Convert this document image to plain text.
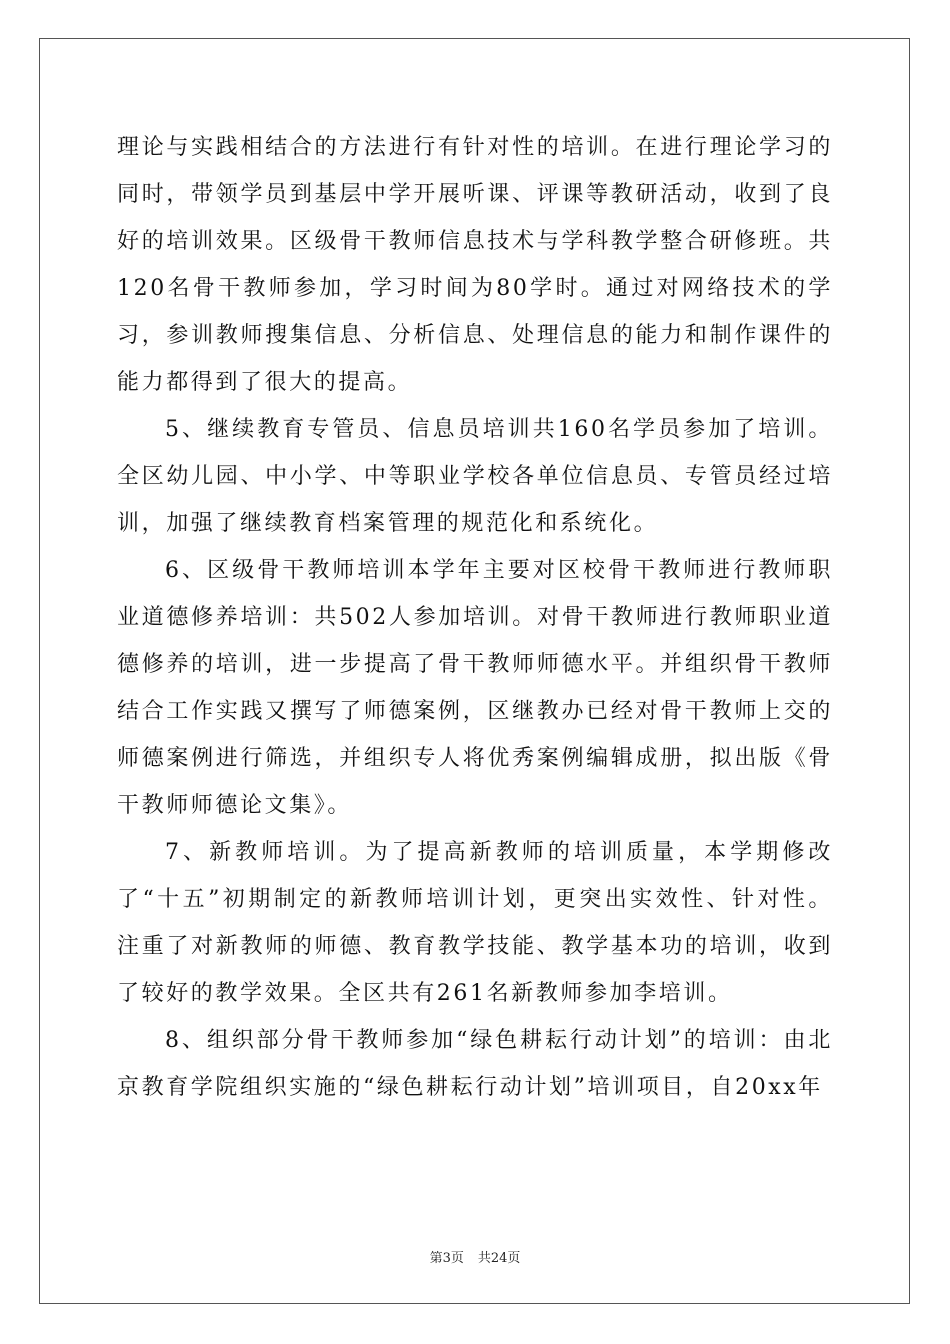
理论与实践相结合的方法进行有针对性的培训。在进行理论学习的同时，带领学员到基层中学开展听课、评课等教研活动，收到了良好的培训效果。区级骨干教师信息技术与学科教学整合研修班。共120名骨干教师参加，学习时间为80学时。通过对网络技术的学习，参训教师搜集信息、分析信息、处理信息的能力和制作课件的能力都得到了很大的提高。

5、继续教育专管员、信息员培训共160名学员参加了培训。全区幼儿园、中小学、中等职业学校各单位信息员、专管员经过培训，加强了继续教育档案管理的规范化和系统化。

6、区级骨干教师培训本学年主要对区校骨干教师进行教师职业道德修养培训：共502人参加培训。对骨干教师进行教师职业道德修养的培训，进一步提高了骨干教师师德水平。并组织骨干教师结合工作实践又撰写了师德案例，区继教办已经对骨干教师上交的师德案例进行筛选，并组织专人将优秀案例编辑成册，拟出版《骨干教师师德论文集》。

7、新教师培训。为了提高新教师的培训质量，本学期修改了“十五”初期制定的新教师培训计划，更突出实效性、针对性。注重了对新教师的师德、教育教学技能、教学基本功的培训，收到了较好的教学效果。全区共有261名新教师参加李培训。

8、组织部分骨干教师参加“绿色耕耘行动计划”的培训：由北京教育学院组织实施的“绿色耕耘行动计划”培训项目，自20xx年

第3页 共24页
